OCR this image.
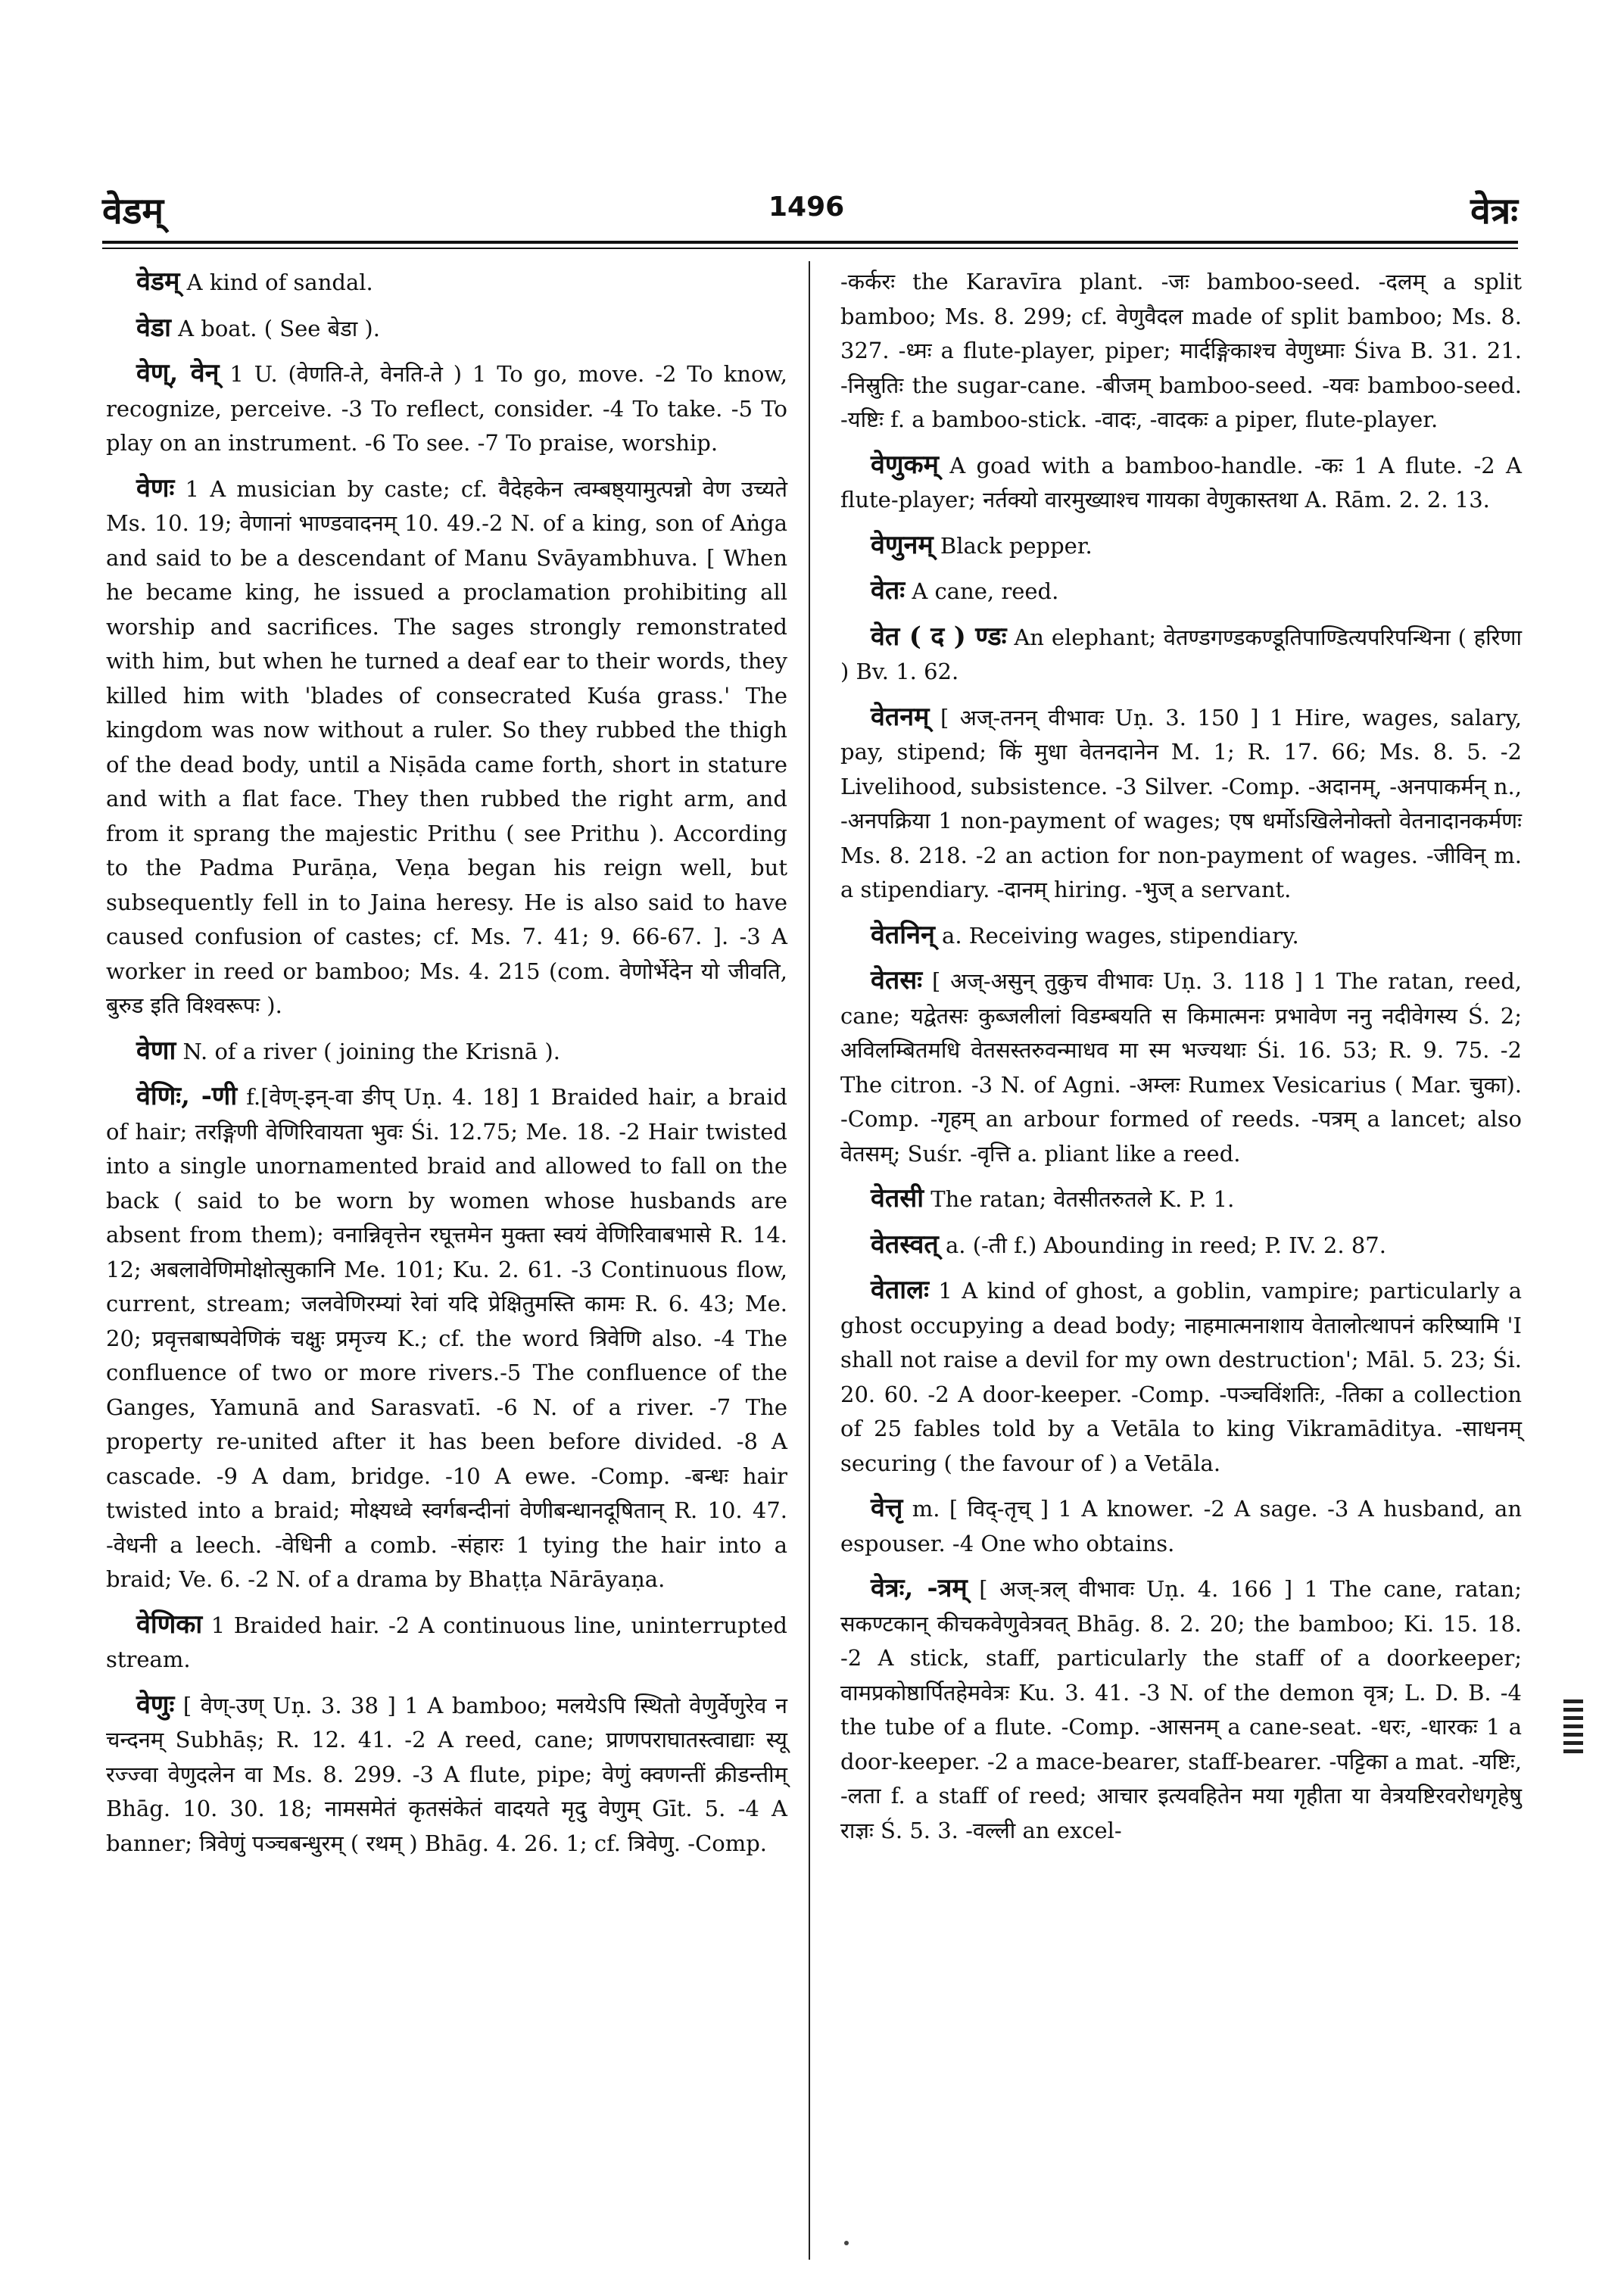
वेडम्	1496	वेत्रः

वेडम् A kind of sandal.

वेडा A boat. ( See बेडा ).

वेण्, वेन् 1 U. (वेणति-ते, वेनति-ते ) 1 To go, move. -2 To know, recognize, perceive. -3 To reflect, consider. -4 To take. -5 To play on an instrument. -6 To see. -7 To praise, worship.

वेणः 1 A musician by caste; cf. वैदेहकेन त्वम्बष्ठ्यामुत्पन्नो वेण उच्यते Ms. 10. 19; वेणानां भाण्डवादनम् 10. 49.-2 N. of a king, son of Aṅga and said to be a descendant of Manu Svāyambhuva. [ When he became king, he issued a proclamation prohibiting all worship and sacrifices. The sages strongly remonstrated with him, but when he turned a deaf ear to their words, they killed him with 'blades of consecrated Kuśa grass.' The kingdom was now without a ruler. So they rubbed the thigh of the dead body, until a Niṣāda came forth, short in stature and with a flat face. They then rubbed the right arm, and from it sprang the majestic Prithu ( see Prithu ). According to the Padma Purāṇa, Veṇa began his reign well, but subsequently fell in to Jaina heresy. He is also said to have caused confusion of castes; cf. Ms. 7. 41; 9. 66-67. ]. -3 A worker in reed or bamboo; Ms. 4. 215 (com. वेणोर्भेदेन यो जीवति, बुरुड इति विश्वरूपः ).

वेणा N. of a river ( joining the Krisnā ).

वेणिः, -णी f.[वेण्-इन्-वा ङीप् Uṇ. 4. 18] 1 Braided hair, a braid of hair; तरङ्गिणी वेणिरिवायता भुवः Śi. 12.75; Me. 18. -2 Hair twisted into a single unornamented braid and allowed to fall on the back ( said to be worn by women whose husbands are absent from them); वनान्निवृत्तेन रघूत्तमेन मुक्ता स्वयं वेणिरिवाबभासे R. 14. 12; अबलावेणिमोक्षोत्सुकानि Me. 101; Ku. 2. 61. -3 Continuous flow, current, stream; जलवेणिरम्यां रेवां यदि प्रेक्षितुमस्ति कामः R. 6. 43; Me. 20; प्रवृत्तबाष्पवेणिकं चक्षुः प्रमृज्य K.; cf. the word त्रिवेणि also. -4 The confluence of two or more rivers.-5 The confluence of the Ganges, Yamunā and Sarasvatī. -6 N. of a river. -7 The property re-united after it has been before divided. -8 A cascade. -9 A dam, bridge. -10 A ewe. -Comp. -बन्धः hair twisted into a braid; मोक्ष्यध्वे स्वर्गबन्दीनां वेणीबन्धानदूषितान् R. 10. 47. -वेधनी a leech. -वेधिनी a comb. -संहारः 1 tying the hair into a braid; Ve. 6. -2 N. of a drama by Bhaṭṭa Nārāyaṇa.

वेणिका 1 Braided hair. -2 A continuous line, uninterrupted stream.

वेणुः [ वेण्-उण् Uṇ. 3. 38 ] 1 A bamboo; मलयेऽपि स्थितो वेणुर्वेणुरेव न चन्दनम् Subhāṣ; R. 12. 41. -2 A reed, cane; प्राणपराघातस्त्वाद्याः स्यू रज्ज्वा वेणुदलेन वा Ms. 8. 299. -3 A flute, pipe; वेणुं क्वणन्तीं क्रीडन्तीम् Bhāg. 10. 30. 18; नामसमेतं कृतसंकेतं वादयते मृदु वेणुम् Gīt. 5. -4 A banner; त्रिवेणुं पञ्चबन्धुरम् ( रथम् ) Bhāg. 4. 26. 1; cf. त्रिवेणु. -Comp.

-कर्करः the Karavīra plant. -जः bamboo-seed. -दलम् a split bamboo; Ms. 8. 299; cf. वेणुवैदल made of split bamboo; Ms. 8. 327. -ध्मः a flute-player, piper; मार्दङ्गिकाश्च वेणुध्माः Śiva B. 31. 21. -निस्रुतिः the sugar-cane. -बीजम् bamboo-seed. -यवः bamboo-seed. -यष्टिः f. a bamboo-stick. -वादः, -वादकः a piper, flute-player.

वेणुकम् A goad with a bamboo-handle. -कः 1 A flute. -2 A flute-player; नर्तक्यो वारमुख्याश्च गायका वेणुकास्तथा A. Rām. 2. 2. 13.

वेणुनम् Black pepper.

वेतः A cane, reed.

वेत ( द ) ण्डः An elephant; वेतण्डगण्डकण्डूतिपाण्डित्यपरिपन्थिना ( हरिणा ) Bv. 1. 62.

वेतनम् [ अज्-तनन् वीभावः Uṇ. 3. 150 ] 1 Hire, wages, salary, pay, stipend; किं मुधा वेतनदानेन M. 1; R. 17. 66; Ms. 8. 5. -2 Livelihood, subsistence. -3 Silver. -Comp. -अदानम्, -अनपाकर्मन् n., -अनपक्रिया 1 non-payment of wages; एष धर्मोऽखिलेनोक्तो वेतनादानकर्मणः Ms. 8. 218. -2 an action for non-payment of wages. -जीविन् m. a stipendiary. -दानम् hiring. -भुज् a servant.

वेतनिन् a. Receiving wages, stipendiary.

वेतसः [ अज्-असुन् तुकुच वीभावः Uṇ. 3. 118 ] 1 The ratan, reed, cane; यद्वेतसः कुब्जलीलां विडम्बयति स किमात्मनः प्रभावेण ननु नदीवेगस्य Ś. 2; अविलम्बितमधि वेतसस्तरुवन्माधव मा स्म भज्यथाः Śi. 16. 53; R. 9. 75. -2 The citron. -3 N. of Agni. -अम्लः Rumex Vesicarius ( Mar. चुका). -Comp. -गृहम् an arbour formed of reeds. -पत्रम् a lancet; also वेतसम्; Suśr. -वृत्ति a. pliant like a reed.

वेतसी The ratan; वेतसीतरुतले K. P. 1.

वेतस्वत् a. (-ती f.) Abounding in reed; P. IV. 2. 87.

वेतालः 1 A kind of ghost, a goblin, vampire; particularly a ghost occupying a dead body; नाहमात्मनाशाय वेतालोत्थापनं करिष्यामि 'I shall not raise a devil for my own destruction'; Māl. 5. 23; Śi. 20. 60. -2 A door-keeper. -Comp. -पञ्चविंशतिः, -तिका a collection of 25 fables told by a Vetāla to king Vikramāditya. -साधनम् securing ( the favour of ) a Vetāla.

वेत्तृ m. [ विद्-तृच् ] 1 A knower. -2 A sage. -3 A husband, an espouser. -4 One who obtains.

वेत्रः, -त्रम् [ अज्-त्रल् वीभावः Uṇ. 4. 166 ] 1 The cane, ratan; सकण्टकान् कीचकवेणुवेत्रवत् Bhāg. 8. 2. 20; the bamboo; Ki. 15. 18. -2 A stick, staff, particularly the staff of a doorkeeper; वामप्रकोष्ठार्पितहेमवेत्रः Ku. 3. 41. -3 N. of the demon वृत्र; L. D. B. -4 the tube of a flute. -Comp. -आसनम् a cane-seat. -धरः, -धारकः 1 a door-keeper. -2 a mace-bearer, staff-bearer. -पट्टिका a mat. -यष्टिः, -लता f. a staff of reed; आचार इत्यवहितेन मया गृहीता या वेत्रयष्टिरवरोधगृहेषु राज्ञः Ś. 5. 3. -वल्ली an excel-
